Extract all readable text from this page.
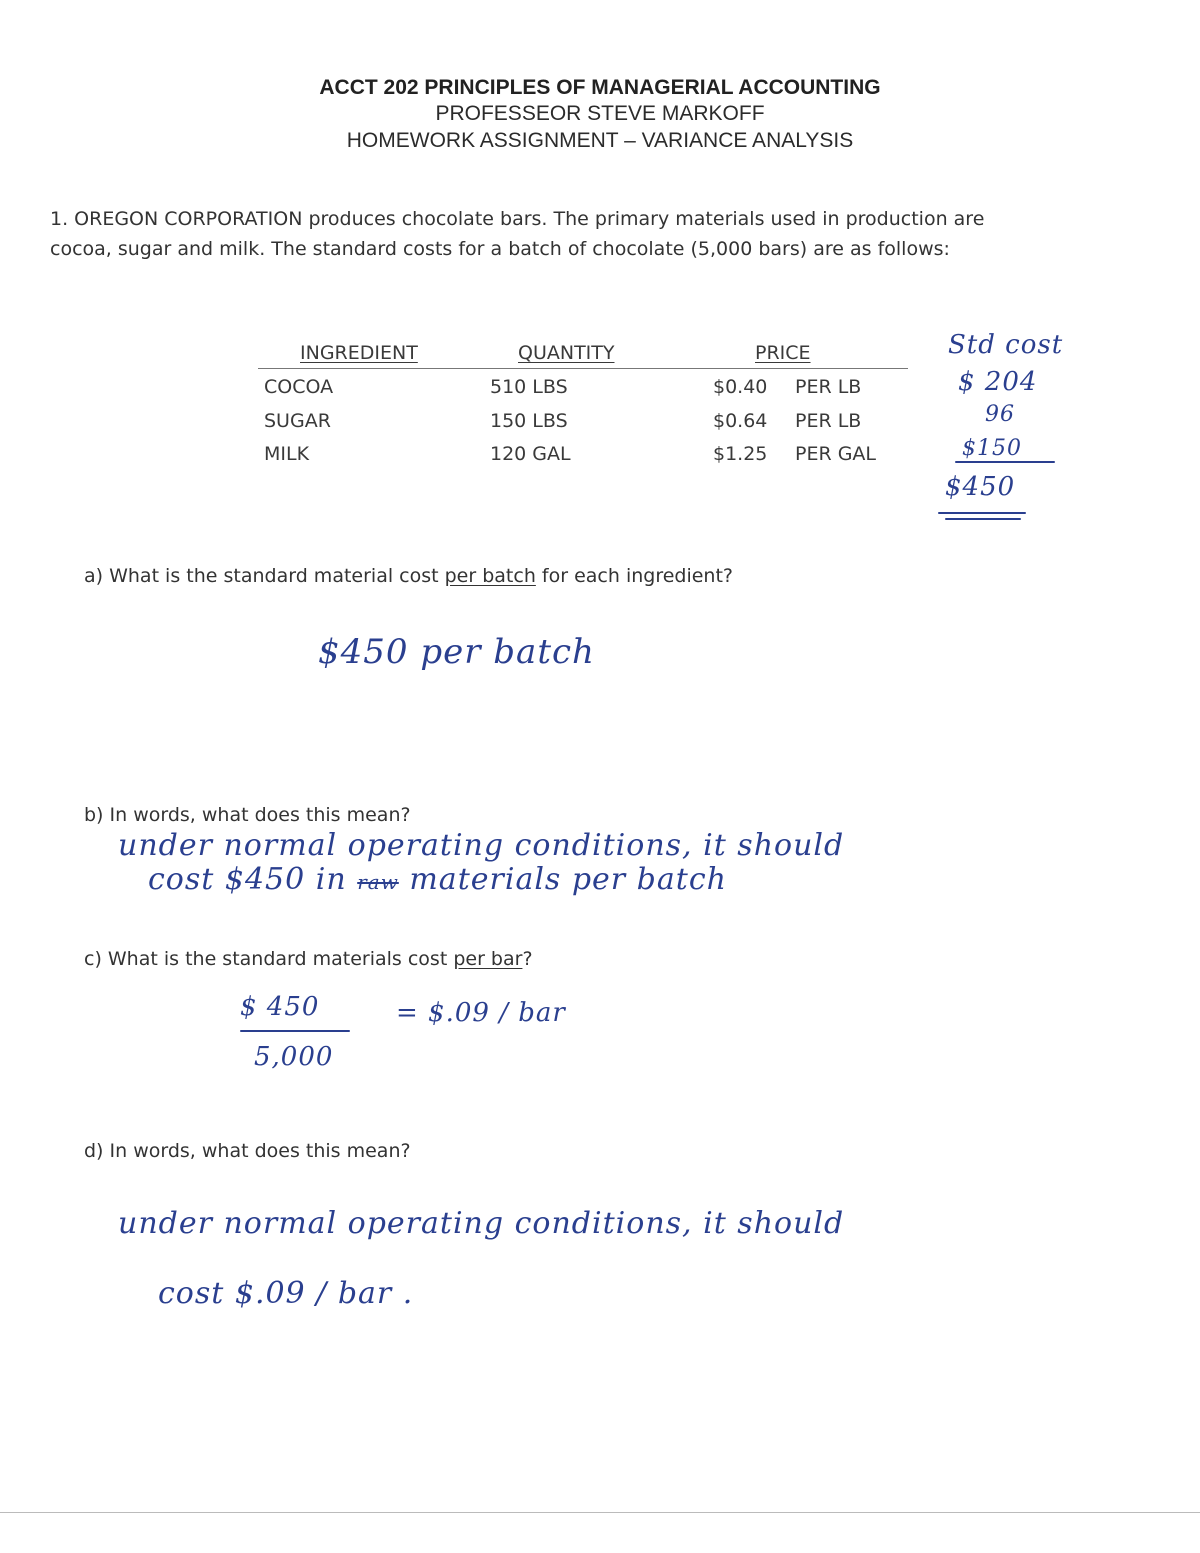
ACCT 202 PRINCIPLES OF MANAGERIAL ACCOUNTING
PROFESSEOR STEVE MARKOFF
HOMEWORK ASSIGNMENT – VARIANCE ANALYSIS
1. OREGON CORPORATION produces chocolate bars. The primary materials used in production are
cocoa, sugar and milk. The standard costs for a batch of chocolate (5,000 bars) are as follows:
INGREDIENT	QUANTITY	PRICE
COCOA	510 LBS	$0.40 PER LB
SUGAR	150 LBS	$0.64 PER LB
MILK	120 GAL	$1.25 PER GAL
Std cost
$ 204
96
$150
$450
a) What is the standard material cost per batch for each ingredient?
$450 per batch
b) In words, what does this mean?
under normal operating conditions, it should
cost $450 in raw materials per batch
c) What is the standard materials cost per bar?
$ 450
5,000
= $.09 / bar
d) In words, what does this mean?
under normal operating conditions, it should
cost $.09 / bar .
